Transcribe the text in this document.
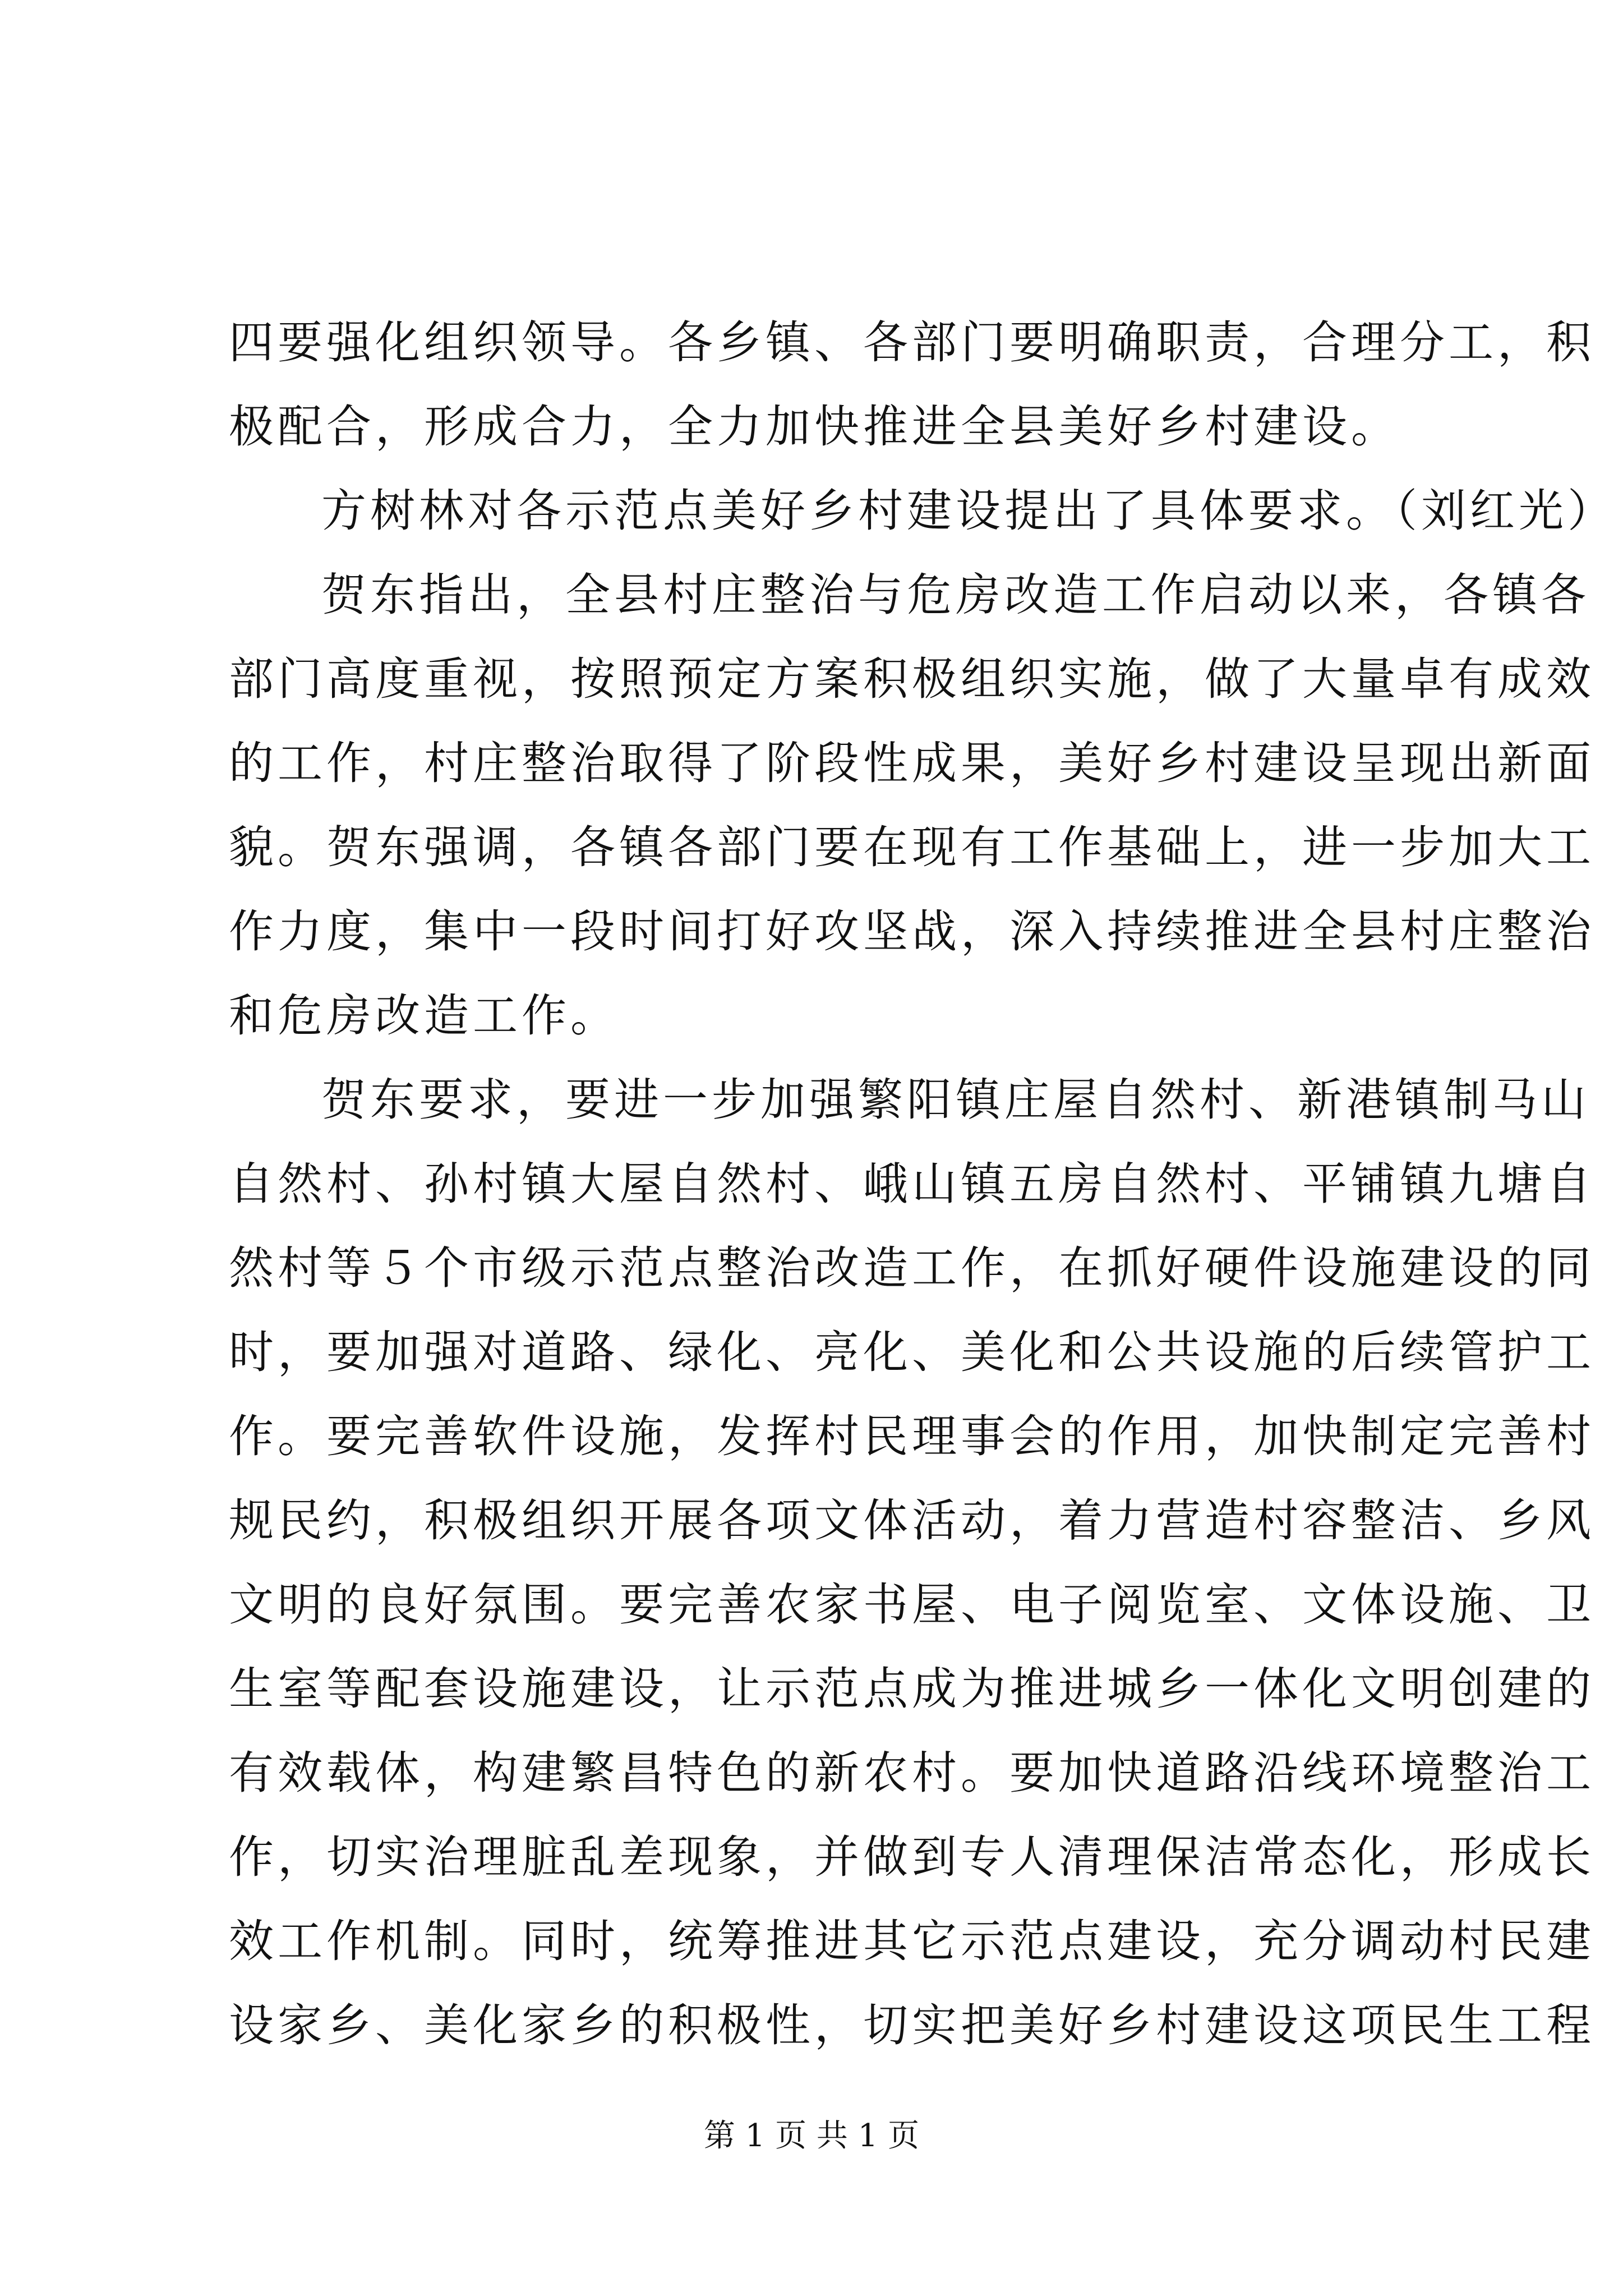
四要强化组织领导。各乡镇、各部门要明确职责，合理分工，积
极配合，形成合力，全力加快推进全县美好乡村建设。
方树林对各示范点美好乡村建设提出了具体要求。（刘红光）
贺东指出，全县村庄整治与危房改造工作启动以来，各镇各
部门高度重视，按照预定方案积极组织实施，做了大量卓有成效
的工作，村庄整治取得了阶段性成果，美好乡村建设呈现出新面
貌。贺东强调，各镇各部门要在现有工作基础上，进一步加大工
作力度，集中一段时间打好攻坚战，深入持续推进全县村庄整治
和危房改造工作。
贺东要求，要进一步加强繁阳镇庄屋自然村、新港镇制马山
自然村、孙村镇大屋自然村、峨山镇五房自然村、平铺镇九塘自
然村等５个市级示范点整治改造工作，在抓好硬件设施建设的同
时，要加强对道路、绿化、亮化、美化和公共设施的后续管护工
作。要完善软件设施，发挥村民理事会的作用，加快制定完善村
规民约，积极组织开展各项文体活动，着力营造村容整洁、乡风
文明的良好氛围。要完善农家书屋、电子阅览室、文体设施、卫
生室等配套设施建设，让示范点成为推进城乡一体化文明创建的
有效载体，构建繁昌特色的新农村。要加快道路沿线环境整治工
作，切实治理脏乱差现象，并做到专人清理保洁常态化，形成长
效工作机制。同时，统筹推进其它示范点建设，充分调动村民建
设家乡、美化家乡的积极性，切实把美好乡村建设这项民生工程
第 1 页 共 1 页
